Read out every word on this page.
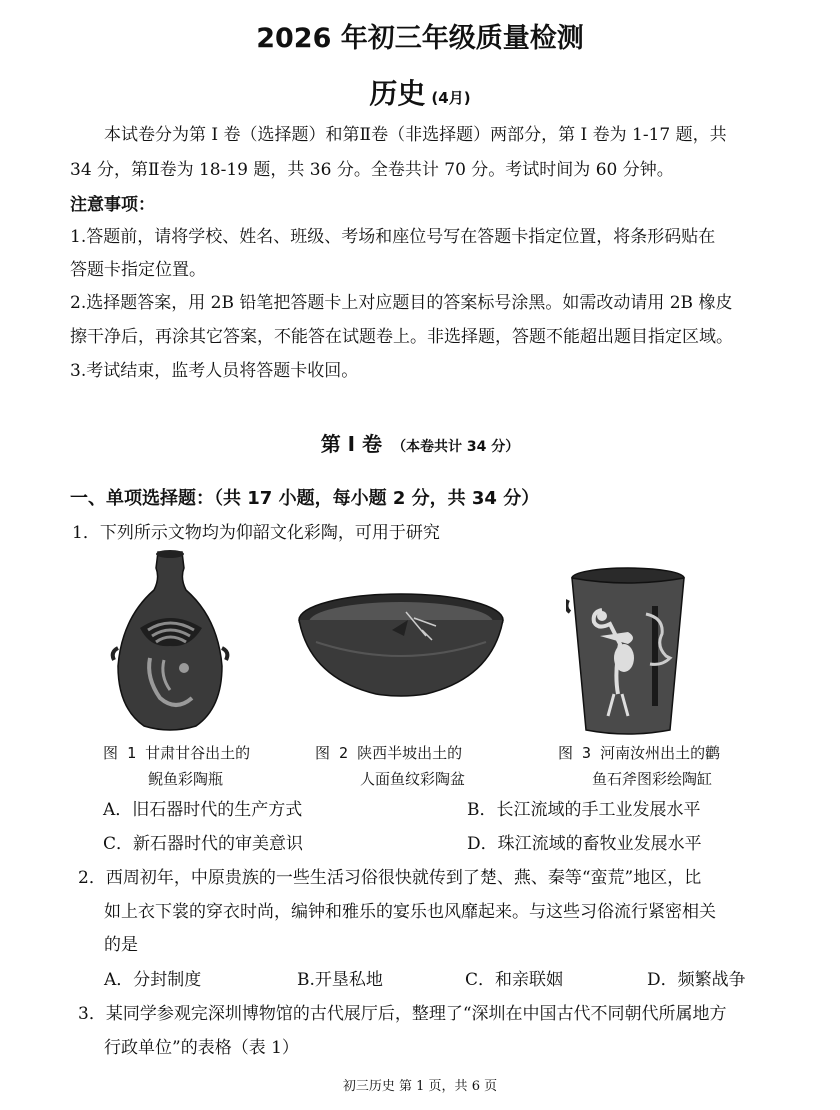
2026 年初三年级质量检测
历史 (4月)
本试卷分为第 I 卷（选择题）和第Ⅱ卷（非选择题）两部分，第 I 卷为 1-17 题，共
34 分，第Ⅱ卷为 18-19 题，共 36 分。全卷共计 70 分。考试时间为 60 分钟。
注意事项：
1.答题前，请将学校、姓名、班级、考场和座位号写在答题卡指定位置，将条形码贴在
答题卡指定位置。
2.选择题答案，用 2B 铅笔把答题卡上对应题目的答案标号涂黑。如需改动请用 2B 橡皮
擦干净后，再涂其它答案，不能答在试题卷上。非选择题，答题不能超出题目指定区域。
3.考试结束，监考人员将答题卡收回。
第 I 卷 （本卷共计 34 分）
一、单项选择题：（共 17 小题，每小题 2 分，共 34 分）
1．下列所示文物均为仰韶文化彩陶，可用于研究
图 1 甘肃甘谷出土的
鲵鱼彩陶瓶
图 2 陕西半坡出土的
人面鱼纹彩陶盆
图 3 河南汝州出土的鹳
鱼石斧图彩绘陶缸
A．旧石器时代的生产方式	B．长江流域的手工业发展水平
C．新石器时代的审美意识	D．珠江流域的畜牧业发展水平
2．西周初年，中原贵族的一些生活习俗很快就传到了楚、燕、秦等“蛮荒”地区，比
如上衣下裳的穿衣时尚，编钟和雅乐的宴乐也风靡起来。与这些习俗流行紧密相关
的是
A．分封制度	B.开垦私地	C．和亲联姻	D．频繁战争
3．某同学参观完深圳博物馆的古代展厅后，整理了“深圳在中国古代不同朝代所属地方
行政单位”的表格（表 1）
初三历史 第 1 页，共 6 页
